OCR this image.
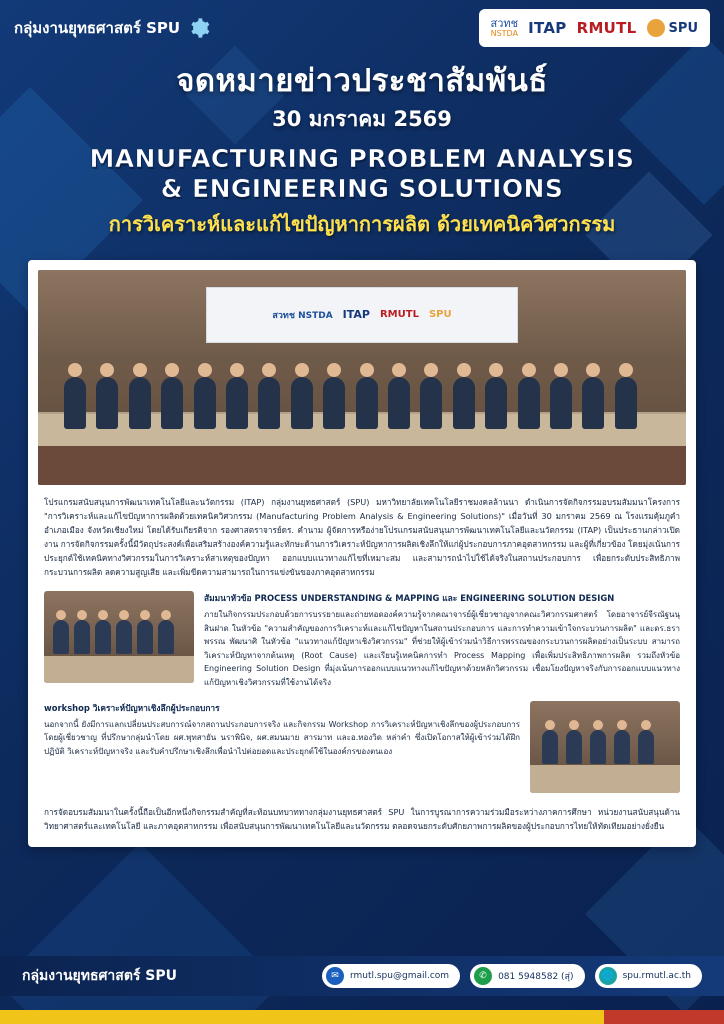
กลุ่มงานยุทธศาสตร์ SPU	สวทช
NSTDA ITAP RMUTL SPU
จดหมายข่าวประชาสัมพันธ์
30 มกราคม 2569
MANUFACTURING PROBLEM ANALYSIS
& ENGINEERING SOLUTIONS
การวิเคราะห์และแก้ไขปัญหาการผลิต ด้วยเทคนิควิศวกรรม
สวทช NSTDA ITAP RMUTL SPU
โปรแกรมสนับสนุนการพัฒนาเทคโนโลยีและนวัตกรรม (ITAP) กลุ่มงานยุทธศาสตร์ (SPU) มหาวิทยาลัยเทคโนโลยีราชมงคลล้านนา ดำเนินการจัดกิจกรรมอบรมสัมมนาโครงการ "การวิเคราะห์และแก้ไขปัญหาการผลิตด้วยเทคนิควิศวกรรม (Manufacturing Problem Analysis & Engineering Solutions)" เมื่อวันที่ 30 มกราคม 2569 ณ โรงแรมคุ้มภูคำ อำเภอเมือง จังหวัดเชียงใหม่ โดยได้รับเกียรติจาก รองศาสตราจารย์ดร. คำนาม ผู้จัดการหรือง่ายโปรแกรมสนับสนุนการพัฒนาเทคโนโลยีและนวัตกรรม (ITAP) เป็นประธานกล่าวเปิดงาน การจัดกิจกรรมครั้งนี้มีวัตถุประสงค์เพื่อเสริมสร้างองค์ความรู้และทักษะด้านการวิเคราะห์ปัญหาการผลิตเชิงลึกให้แก่ผู้ประกอบการภาคอุตสาหกรรม และผู้ที่เกี่ยวข้อง โดยมุ่งเน้นการประยุกต์ใช้เทคนิคทางวิศวกรรมในการวิเคราะห์สาเหตุของปัญหา ออกแบบแนวทางแก้ไขที่เหมาะสม และสามารถนำไปใช้ได้จริงในสถานประกอบการ เพื่อยกระดับประสิทธิภาพกระบวนการผลิต ลดความสูญเสีย และเพิ่มขีดความสามารถในการแข่งขันของภาคอุตสาหกรรม
สัมมนาหัวข้อ PROCESS UNDERSTANDING & MAPPING และ ENGINEERING SOLUTION DESIGN
ภายในกิจกรรมประกอบด้วยการบรรยายและถ่ายทอดองค์ความรู้จากคณาจารย์ผู้เชี่ยวชาญจากคณะวิศวกรรมศาสตร์ โดยอาจารย์จีรณัฐนนุ สินฝาด ในหัวข้อ "ความสำคัญของการวิเคราะห์และแก้ไขปัญหาในสถานประกอบการ และการทำความเข้าใจกระบวนการผลิต" และดร.ธราพรรณ พัฒนาศิ ในหัวข้อ "แนวทางแก้ปัญหาเชิงวิศวกรรม" ที่ช่วยให้ผู้เข้าร่วมนำวิธีการพรรณของกระบวนการผลิตอย่างเป็นระบบ สามารถวิเคราะห์ปัญหาจากต้นเหตุ (Root Cause) และเรียนรู้เทคนิคการทำ Process Mapping เพื่อเพิ่มประสิทธิภาพการผลิต รวมถึงหัวข้อ Engineering Solution Design ที่มุ่งเน้นการออกแบบแนวทางแก้ไขปัญหาด้วยหลักวิศวกรรม เชื่อมโยงปัญหาจริงกับการออกแบบแนวทางแก้ปัญหาเชิงวิศวกรรมที่ใช้งานได้จริง
workshop วิเคราะห์ปัญหาเชิงลึกผู้ประกอบการ
นอกจากนี้ ยังมีการแลกเปลี่ยนประสบการณ์จากสถานประกอบการจริง และกิจกรรม Workshop การวิเคราะห์ปัญหาเชิงลึกของผู้ประกอบการ โดยผู้เชี่ยวชาญ ที่ปรึกษากลุ่มนำโดย ผศ.พุทสายัน นราพินิจ, ผศ.สมนมาย สารมาท และอ.ทองวิด หล่าคำ ซึ่งเปิดโอกาสให้ผู้เข้าร่วมได้ฝึกปฏิบัติ วิเคราะห์ปัญหาจริง และรับคำปรึกษาเชิงลึกเพื่อนำไปต่อยอดและประยุกต์ใช้ในองค์กรของตนเอง
การจัดอบรมสัมมนาในครั้งนี้ถือเป็นอีกหนึ่งกิจกรรมสำคัญที่สะท้อนบทบาททางกลุ่มงานยุทธศาสตร์ SPU ในการบูรณาการความร่วมมือระหว่างภาคการศึกษา หน่วยงานสนับสนุนด้านวิทยาศาสตร์และเทคโนโลยี และภาคอุตสาหกรรม เพื่อสนับสนุนการพัฒนาเทคโนโลยีและนวัตกรรม ตลอดจนยกระดับศักยภาพการผลิตของผู้ประกอบการไทยให้ทัดเทียมอย่างยั่งยืน
กลุ่มงานยุทธศาสตร์ SPU	✉	rmutl.spu@gmail.com	✆	081 5948582 (สุ่)	🌐	spu.rmutl.ac.th
